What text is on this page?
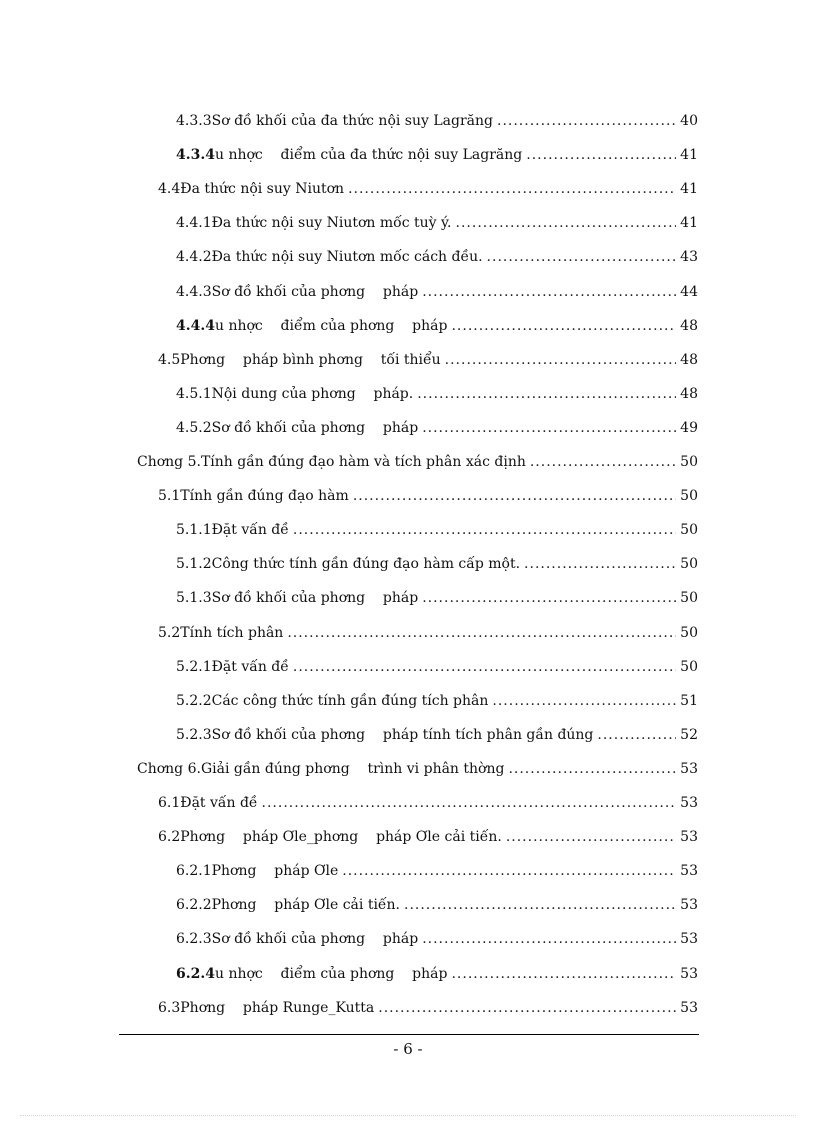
4.3.3 Sơ đồ khối của đa thức nội suy Lagrăng .....	40
4.3.4 u nhợc    điểm của đa thức nội suy Lagrăng .....	41
4.4 Đa thức nội suy Niutơn .....	41
4.4.1 Đa thức nội suy Niutơn mốc tuỳ ý. .....	41
4.4.2 Đa thức nội suy Niutơn mốc cách đều. .....	43
4.4.3 Sơ đồ khối của phơng    pháp .....	44
4.4.4 u nhợc    điểm của phơng    pháp .....	48
4.5 Phơng    pháp bình phơng    tối thiểu .....	48
4.5.1 Nội dung của phơng    pháp. .....	48
4.5.2 Sơ đồ khối của phơng    pháp .....	49
Chơng 5. Tính gần đúng đạo hàm và tích phân xác định .....	50
5.1 Tính gần đúng đạo hàm .....	50
5.1.1 Đặt vấn đề .....	50
5.1.2 Công thức tính gần đúng đạo hàm cấp một. .....	50
5.1.3 Sơ đồ khối của phơng    pháp .....	50
5.2 Tính tích phân .....	50
5.2.1 Đặt vấn đề .....	50
5.2.2 Các công thức tính gần đúng tích phân .....	51
5.2.3 Sơ đồ khối của phơng    pháp tính tích phân gần đúng .....	52
Chơng 6. Giải gần đúng phơng    trình vi phân thờng .....	53
6.1 Đặt vấn đề .....	53
6.2 Phơng    pháp Ơle_phơng    pháp Ơle cải tiến. .....	53
6.2.1 Phơng    pháp Ơle .....	53
6.2.2 Phơng    pháp Ơle cải tiến. .....	53
6.2.3 Sơ đồ khối của phơng    pháp .....	53
6.2.4 u nhợc    điểm của phơng    pháp .....	53
6.3 Phơng    pháp Runge_Kutta .....	53
- 6 -
